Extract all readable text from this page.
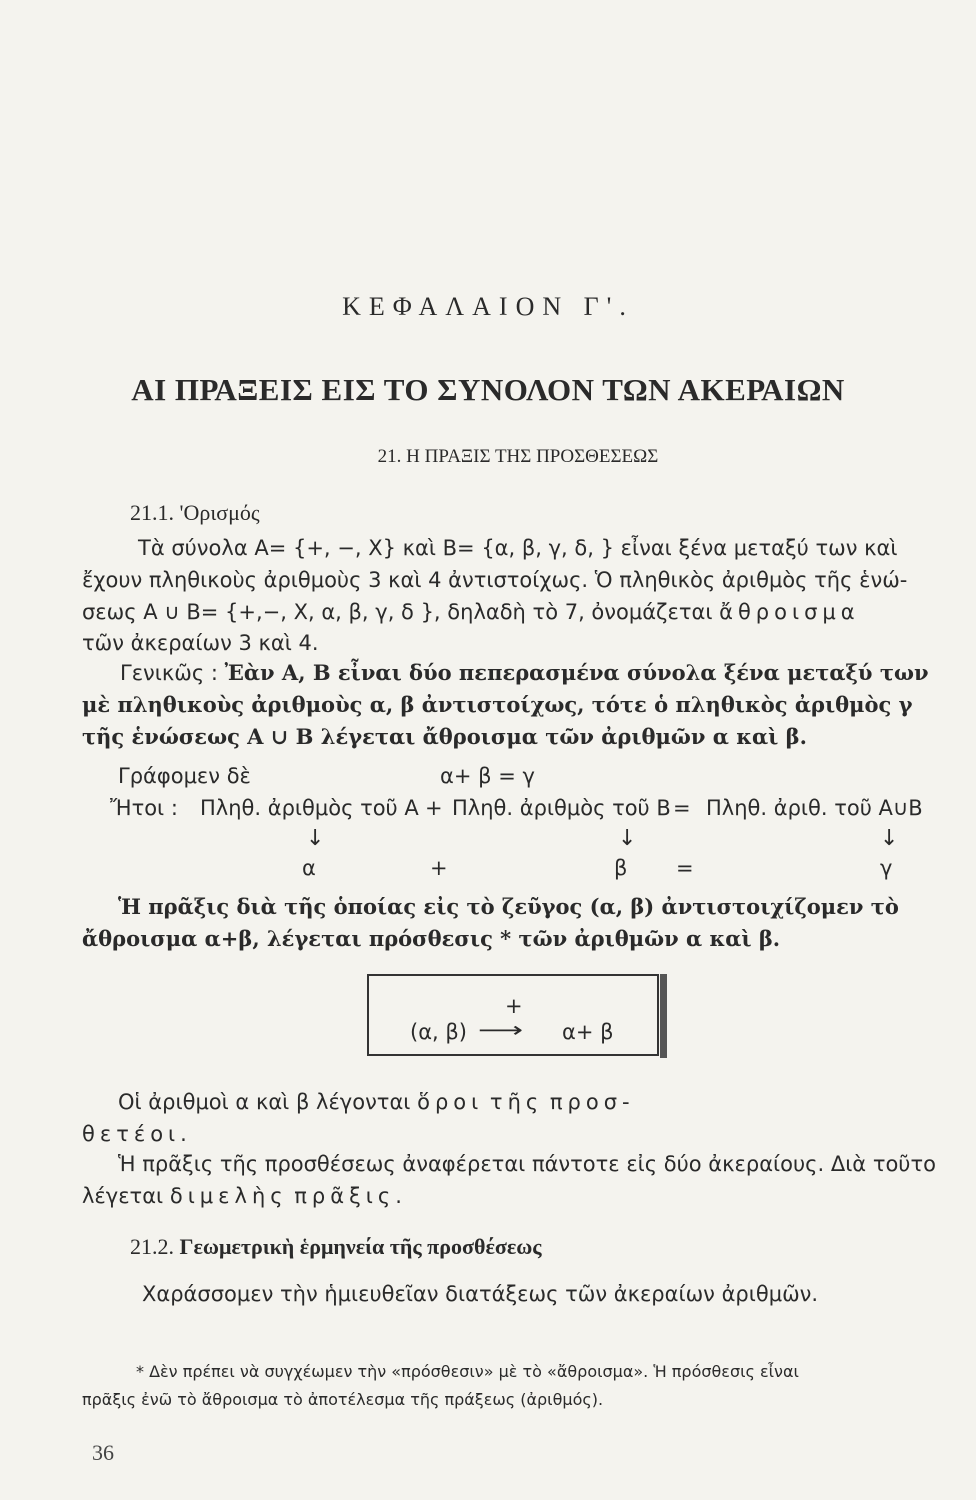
ΚΕΦΑΛΑΙΟΝ Γ'.
ΑΙ ΠΡΑΞΕΙΣ ΕΙΣ ΤΟ ΣΥΝΟΛΟΝ ΤΩΝ ΑΚΕΡΑΙΩΝ
21. Η ΠΡΑΞΙΣ ΤΗΣ ΠΡΟΣΘΕΣΕΩΣ
21.1. 'Ορισμός
Τὰ σύνολα Α= {+, −, Χ} καὶ Β= {α, β, γ, δ, } εἶναι ξένα μεταξύ των καὶ
ἔχουν πληθικοὺς ἀριθμοὺς 3 καὶ 4 ἀντιστοίχως. Ὁ πληθικὸς ἀριθμὸς τῆς ἑνώ-
σεως Α ∪ Β= {+,−, Χ, α, β, γ, δ }, δηλαδὴ τὸ 7, ὀνομάζεται ἄθροισμα
τῶν ἀκεραίων 3 καὶ 4.
Γενικῶς : Ἐὰν Α, Β εἶναι δύο πεπερασμένα σύνολα ξένα μεταξύ των
μὲ πληθικοὺς ἀριθμοὺς α, β ἀντιστοίχως, τότε ὁ πληθικὸς ἀριθμὸς γ
τῆς ἑνώσεως Α ∪ Β λέγεται ἄθροισμα τῶν ἀριθμῶν α καὶ β.
Γράφομεν δὲ	α+ β = γ
Ἤτοι : Πληθ. ἀριθμὸς τοῦ Α + Πληθ. ἀριθμὸς τοῦ Β = Πληθ. ἀριθ. τοῦ Α∪Β
↓	↓	↓
α	+	β =	γ
Ἡ πρᾶξις διὰ τῆς ὁποίας εἰς τὸ ζεῦγος (α, β) ἀντιστοιχίζομεν τὸ
ἄθροισμα α+β, λέγεται πρόσθεσις * τῶν ἀριθμῶν α καὶ β.
+
(α, β) ⟶ α+ β
Οἱ ἀριθμοὶ α καὶ β λέγονται ὅροι τῆς προσ-
θετέοι.
Ἡ πρᾶξις τῆς προσθέσεως ἀναφέρεται πάντοτε εἰς δύο ἀκεραίους. Διὰ τοῦτο
λέγεται διμελὴς πρᾶξις.
21.2. Γεωμετρικὴ ἑρμηνεία τῆς προσθέσεως
Χαράσσομεν τὴν ἡμιευθεῖαν διατάξεως τῶν ἀκεραίων ἀριθμῶν.
* Δὲν πρέπει νὰ συγχέωμεν τὴν «πρόσθεσιν» μὲ τὸ «ἄθροισμα». Ἡ πρόσθεσις εἶναι
πρᾶξις ἐνῶ τὸ ἄθροισμα τὸ ἀποτέλεσμα τῆς πράξεως (ἀριθμός).
36
